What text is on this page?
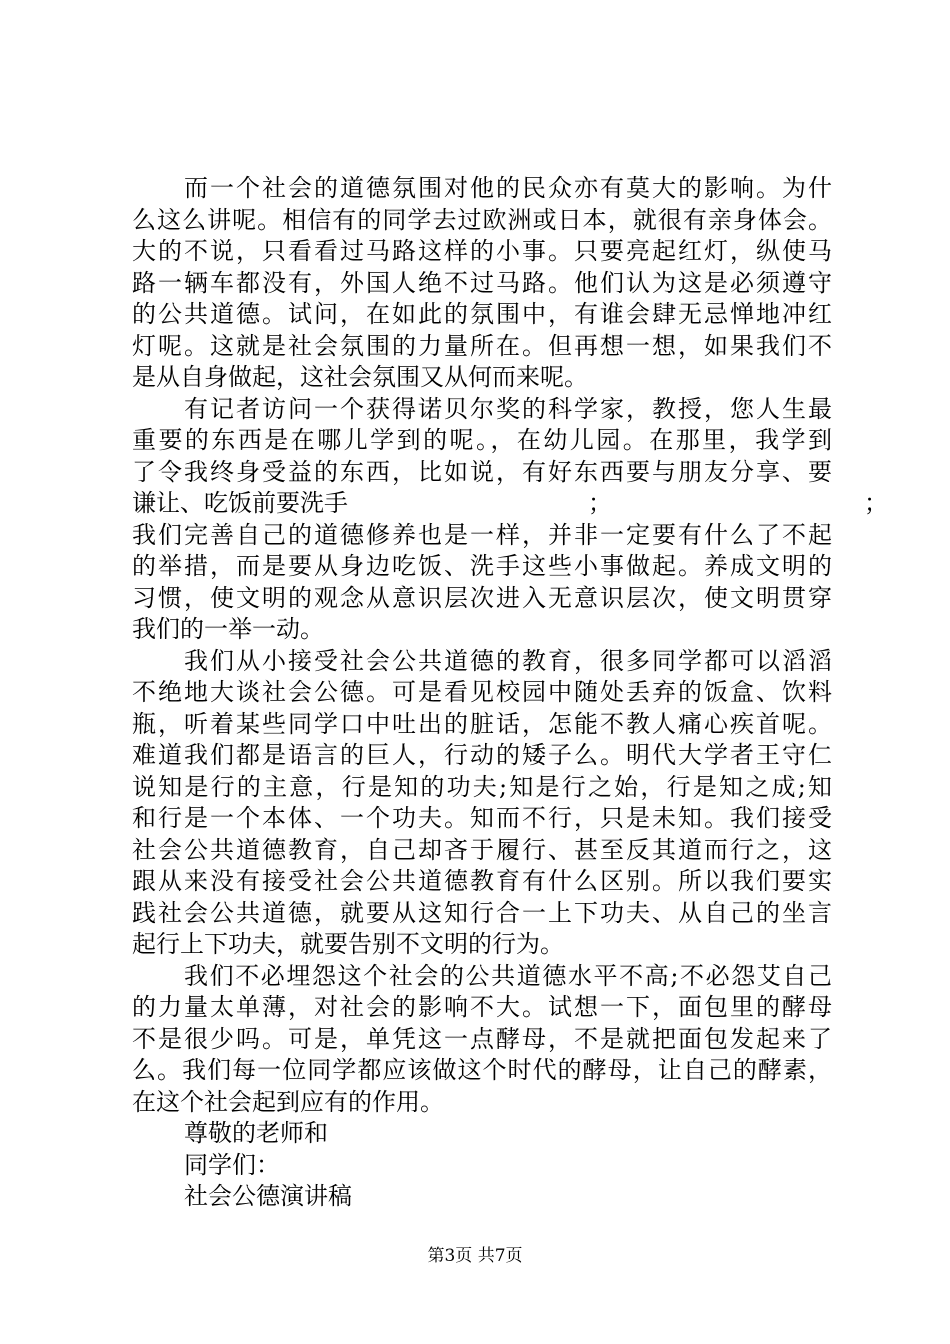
而一个社会的道德氛围对他的民众亦有莫大的影响。为什
么这么讲呢。相信有的同学去过欧洲或日本，就很有亲身体会。
大的不说，只看看过马路这样的小事。只要亮起红灯，纵使马
路一辆车都没有，外国人绝不过马路。他们认为这是必须遵守
的公共道德。试问，在如此的氛围中，有谁会肆无忌惮地冲红
灯呢。这就是社会氛围的力量所在。但再想一想，如果我们不
是从自身做起，这社会氛围又从何而来呢。
有记者访问一个获得诺贝尔奖的科学家，教授，您人生最
重要的东西是在哪儿学到的呢。，在幼儿园。在那里，我学到
了令我终身受益的东西，比如说，有好东西要与朋友分享、要
谦让、吃饭前要洗手　　　　　　　　　　；　　　　　　　　　　　；
我们完善自己的道德修养也是一样，并非一定要有什么了不起
的举措，而是要从身边吃饭、洗手这些小事做起。养成文明的
习惯，使文明的观念从意识层次进入无意识层次，使文明贯穿
我们的一举一动。
我们从小接受社会公共道德的教育，很多同学都可以滔滔
不绝地大谈社会公德。可是看见校园中随处丢弃的饭盒、饮料
瓶，听着某些同学口中吐出的脏话，怎能不教人痛心疾首呢。
难道我们都是语言的巨人，行动的矮子么。明代大学者王守仁
说知是行的主意，行是知的功夫;知是行之始，行是知之成;知
和行是一个本体、一个功夫。知而不行，只是未知。我们接受
社会公共道德教育，自己却吝于履行、甚至反其道而行之，这
跟从来没有接受社会公共道德教育有什么区别。所以我们要实
践社会公共道德，就要从这知行合一上下功夫、从自己的坐言
起行上下功夫，就要告别不文明的行为。
我们不必埋怨这个社会的公共道德水平不高;不必怨艾自己
的力量太单薄，对社会的影响不大。试想一下，面包里的酵母
不是很少吗。可是，单凭这一点酵母，不是就把面包发起来了
么。我们每一位同学都应该做这个时代的酵母，让自己的酵素，
在这个社会起到应有的作用。
尊敬的老师和
同学们：
社会公德演讲稿
第3页 共7页
